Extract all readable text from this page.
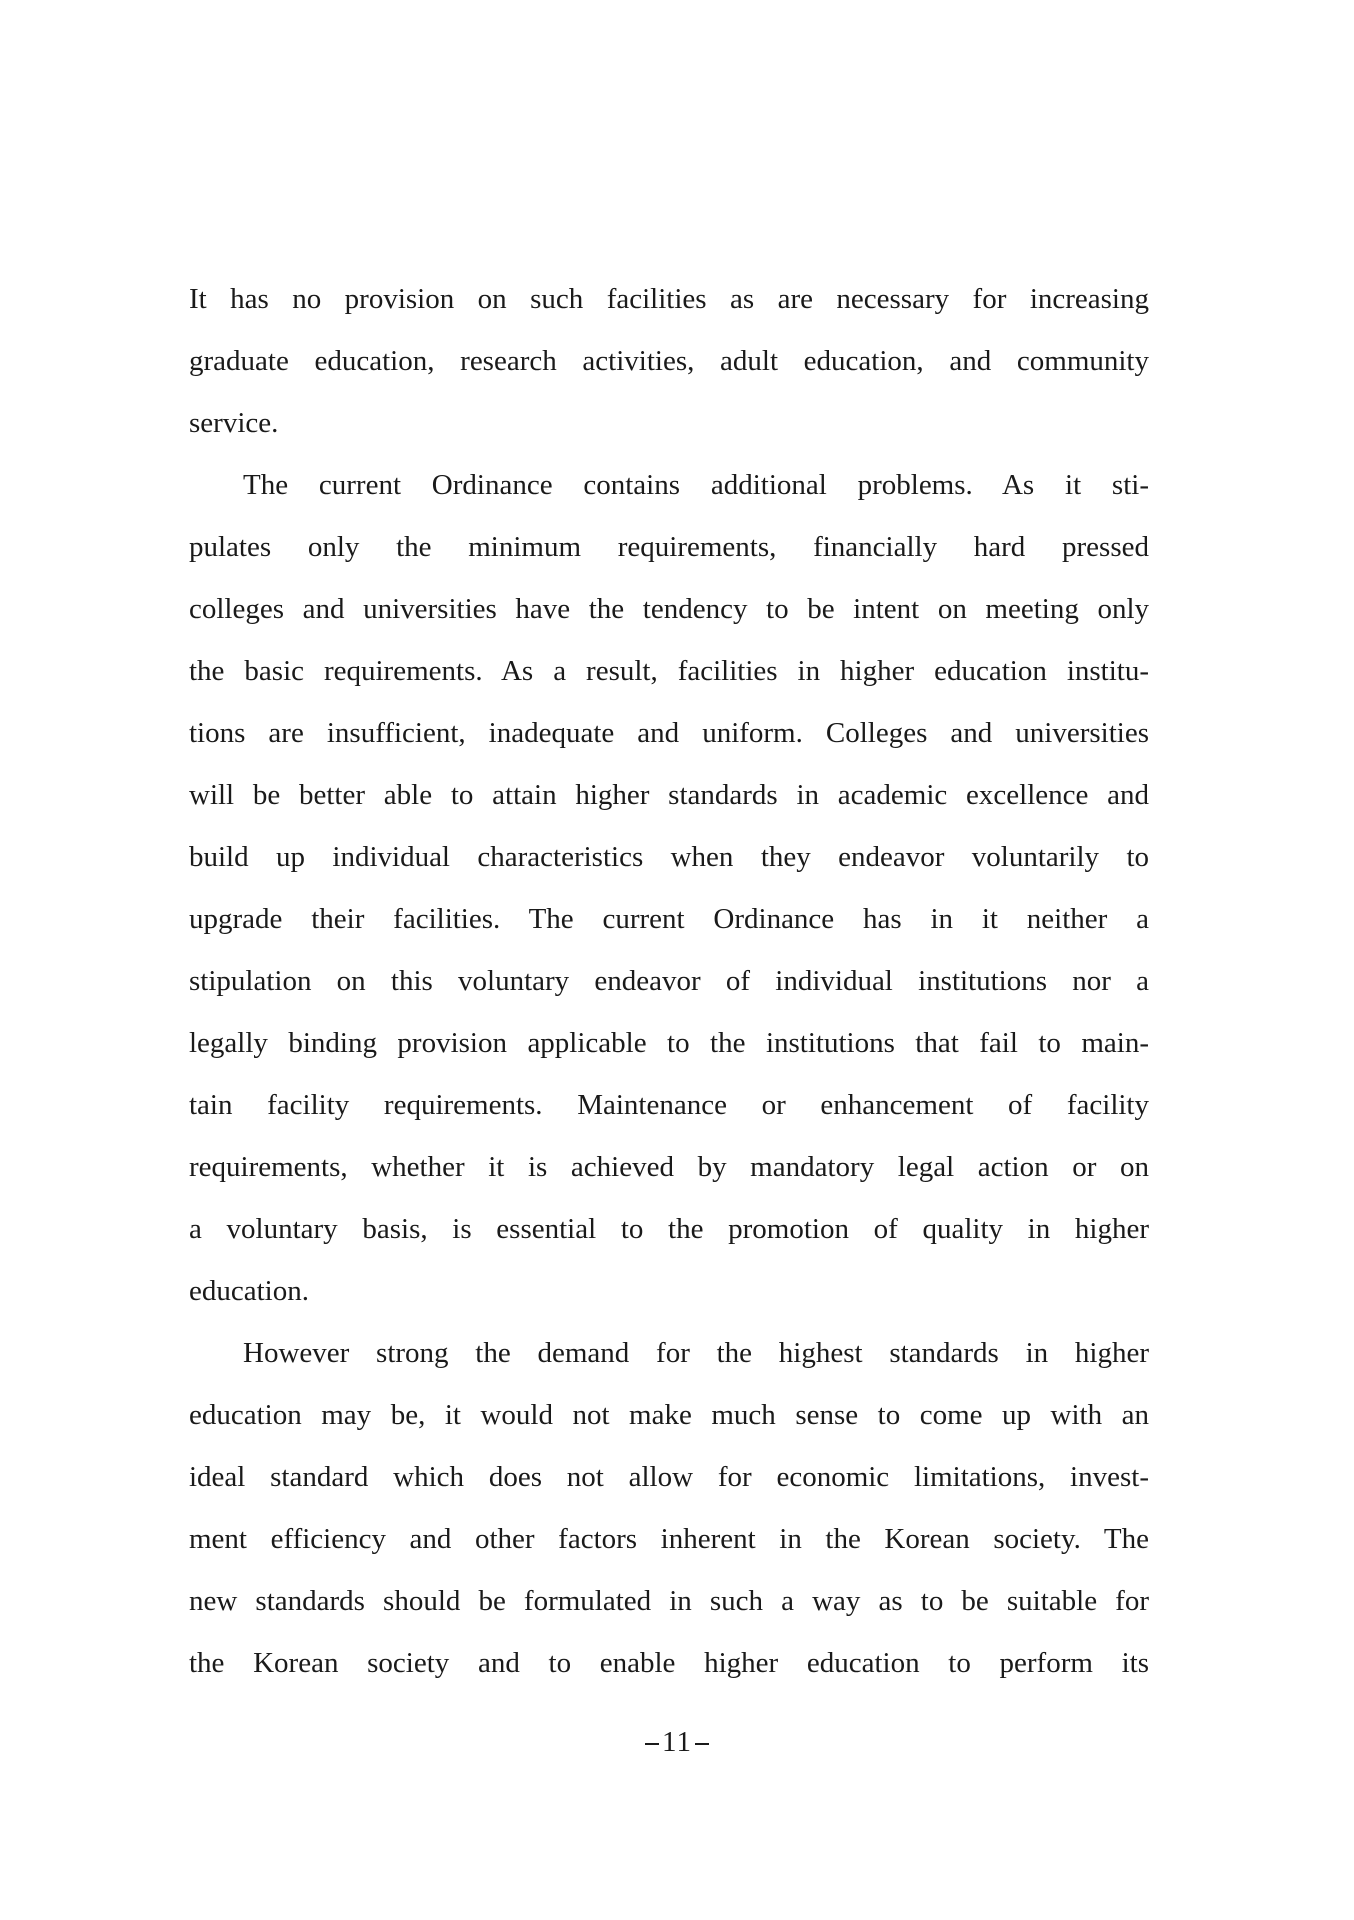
It has no provision on such facilities as are necessary for increasing
graduate education, research activities, adult education, and community
service.
The current Ordinance contains additional problems. As it sti-
pulates only the minimum requirements, financially hard pressed
colleges and universities have the tendency to be intent on meeting only
the basic requirements. As a result, facilities in higher education institu-
tions are insufficient, inadequate and uniform. Colleges and universities
will be better able to attain higher standards in academic excellence and
build up individual characteristics when they endeavor voluntarily to
upgrade their facilities. The current Ordinance has in it neither a
stipulation on this voluntary endeavor of individual institutions nor a
legally binding provision applicable to the institutions that fail to main-
tain facility requirements. Maintenance or enhancement of facility
requirements, whether it is achieved by mandatory legal action or on
a voluntary basis, is essential to the promotion of quality in higher
education.
However strong the demand for the highest standards in higher
education may be, it would not make much sense to come up with an
ideal standard which does not allow for economic limitations, invest-
ment efficiency and other factors inherent in the Korean society. The
new standards should be formulated in such a way as to be suitable for
the Korean society and to enable higher education to perform its
11
